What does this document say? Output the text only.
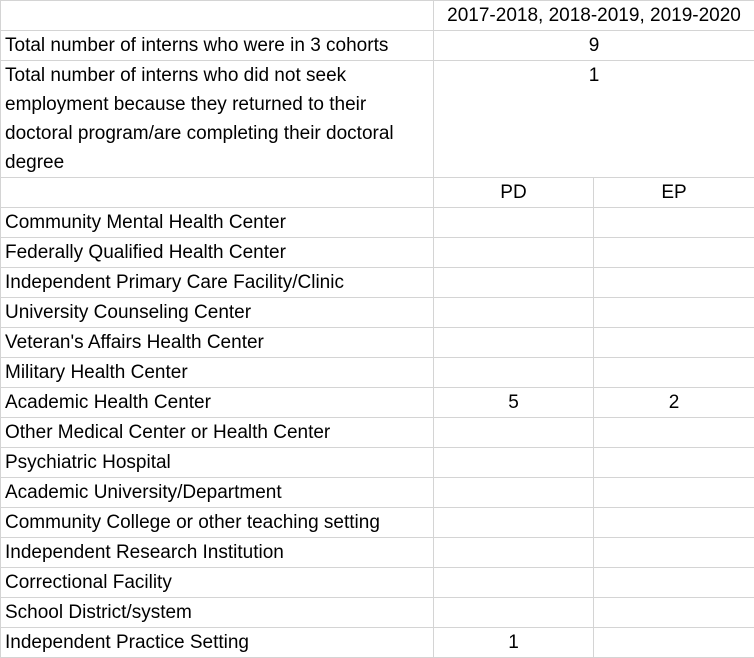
	2017-2018, 2018-2019, 2019-2020	
Total number of interns who were in 3 cohorts	9	
Total number of interns who did not seek employment because they returned to their doctoral program/are completing their doctoral degree	1	
	PD	EP
Community Mental Health Center		
Federally Qualified Health Center		
Independent Primary Care Facility/Clinic		
University Counseling Center		
Veteran's Affairs Health Center		
Military Health Center		
Academic Health Center	5	2
Other Medical Center or Health Center		
Psychiatric Hospital		
Academic University/Department		
Community College or other teaching setting		
Independent Research Institution		
Correctional Facility		
School District/system		
Independent Practice Setting	1	
